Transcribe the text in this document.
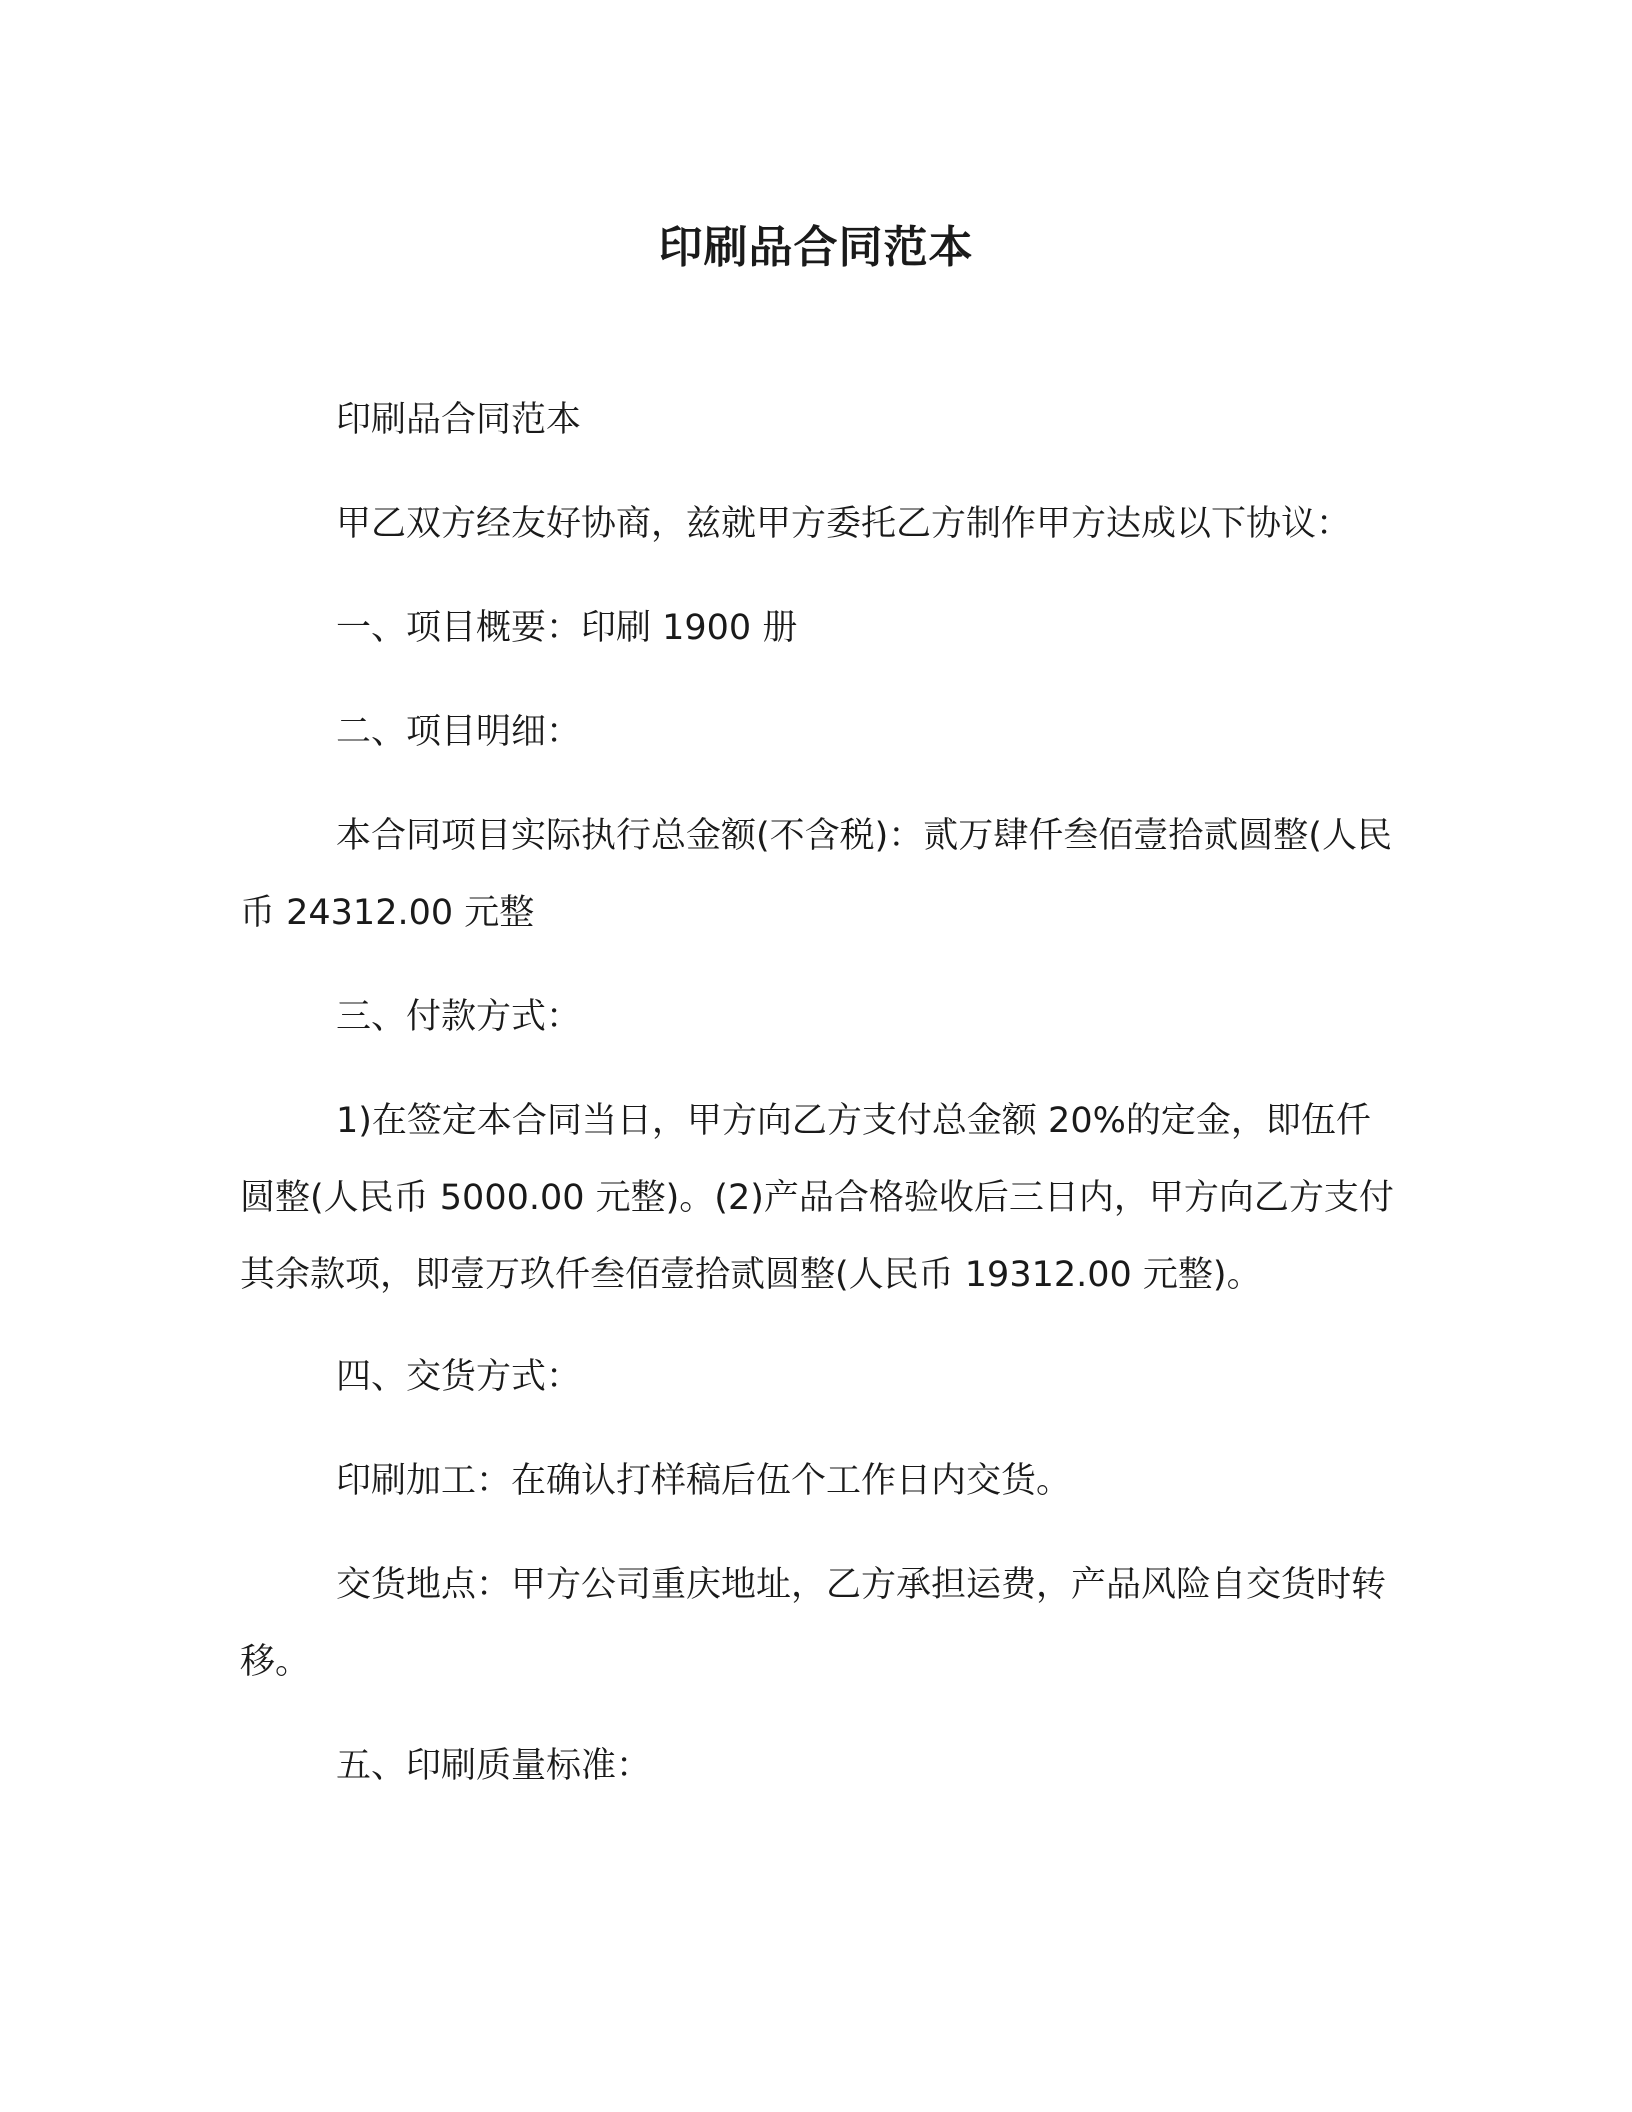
印刷品合同范本
印刷品合同范本
甲乙双方经友好协商，兹就甲方委托乙方制作甲方达成以下协议：
一、项目概要：印刷 1900 册
二、项目明细：
本合同项目实际执行总金额(不含税)：贰万肆仟叁佰壹拾贰圆整(人民币 24312.00 元整
三、付款方式：
1)在签定本合同当日，甲方向乙方支付总金额 20%的定金，即伍仟圆整(人民币 5000.00 元整)。(2)产品合格验收后三日内，甲方向乙方支付其余款项，即壹万玖仟叁佰壹拾贰圆整(人民币 19312.00 元整)。
四、交货方式：
印刷加工：在确认打样稿后伍个工作日内交货。
交货地点：甲方公司重庆地址，乙方承担运费，产品风险自交货时转移。
五、印刷质量标准：
